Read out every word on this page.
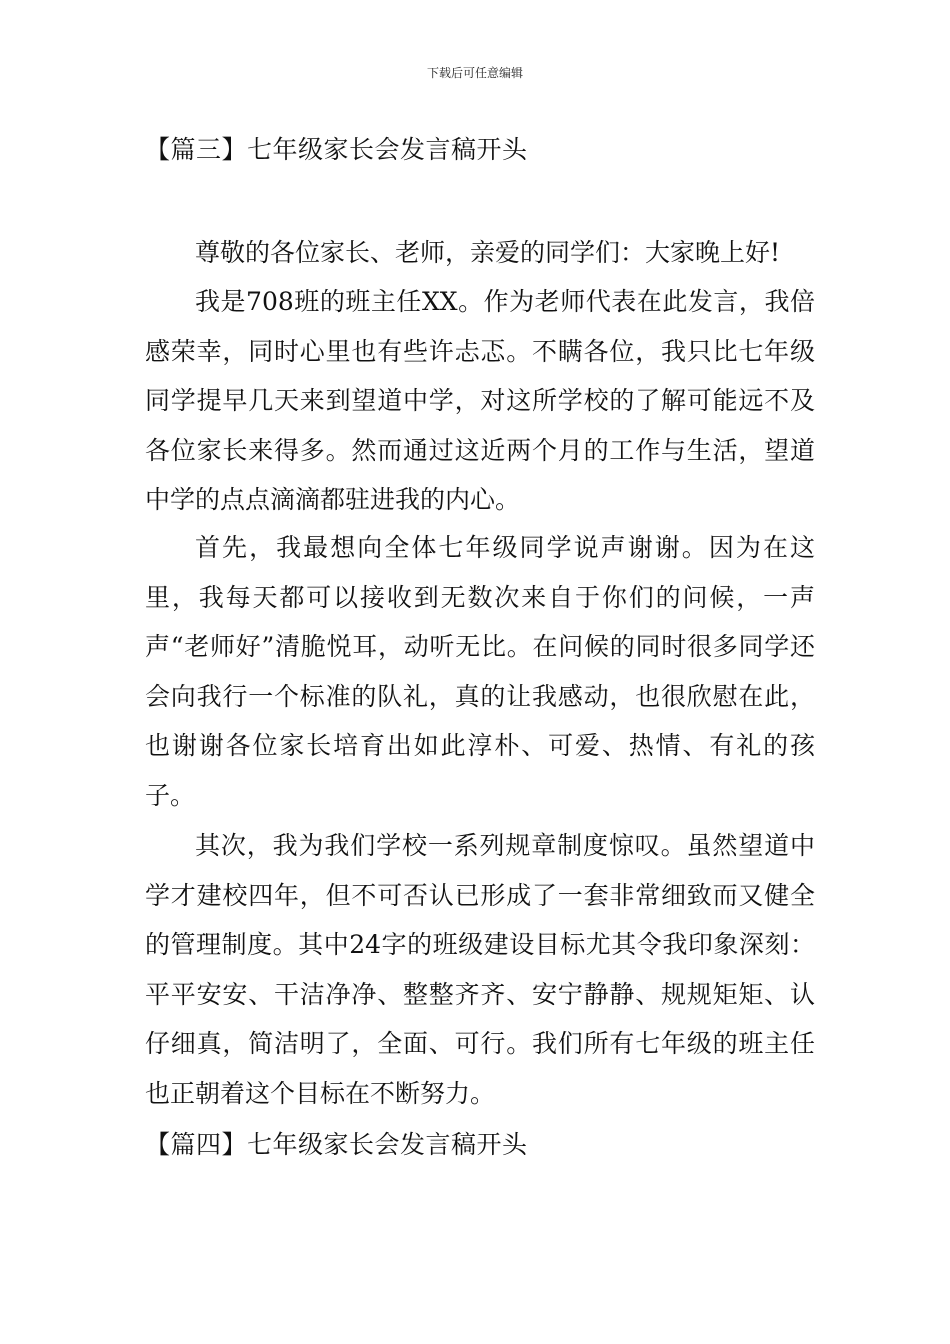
下载后可任意编辑
【篇三】七年级家长会发言稿开头

尊敬的各位家长、老师，亲爱的同学们：大家晚上好!

我是708班的班主任XX。作为老师代表在此发言，我倍感荣幸，同时心里也有些许忐忑。不瞒各位，我只比七年级同学提早几天来到望道中学，对这所学校的了解可能远不及各位家长来得多。然而通过这近两个月的工作与生活，望道中学的点点滴滴都驻进我的内心。

首先，我最想向全体七年级同学说声谢谢。因为在这里，我每天都可以接收到无数次来自于你们的问候，一声声“老师好”清脆悦耳，动听无比。在问候的同时很多同学还会向我行一个标准的队礼，真的让我感动，也很欣慰在此，也谢谢各位家长培育出如此淳朴、可爱、热情、有礼的孩子。

其次，我为我们学校一系列规章制度惊叹。虽然望道中学才建校四年，但不可否认已形成了一套非常细致而又健全的管理制度。其中24字的班级建设目标尤其令我印象深刻：平平安安、干洁净净、整整齐齐、安宁静静、规规矩矩、认仔细真，简洁明了，全面、可行。我们所有七年级的班主任也正朝着这个目标在不断努力。

【篇四】七年级家长会发言稿开头
